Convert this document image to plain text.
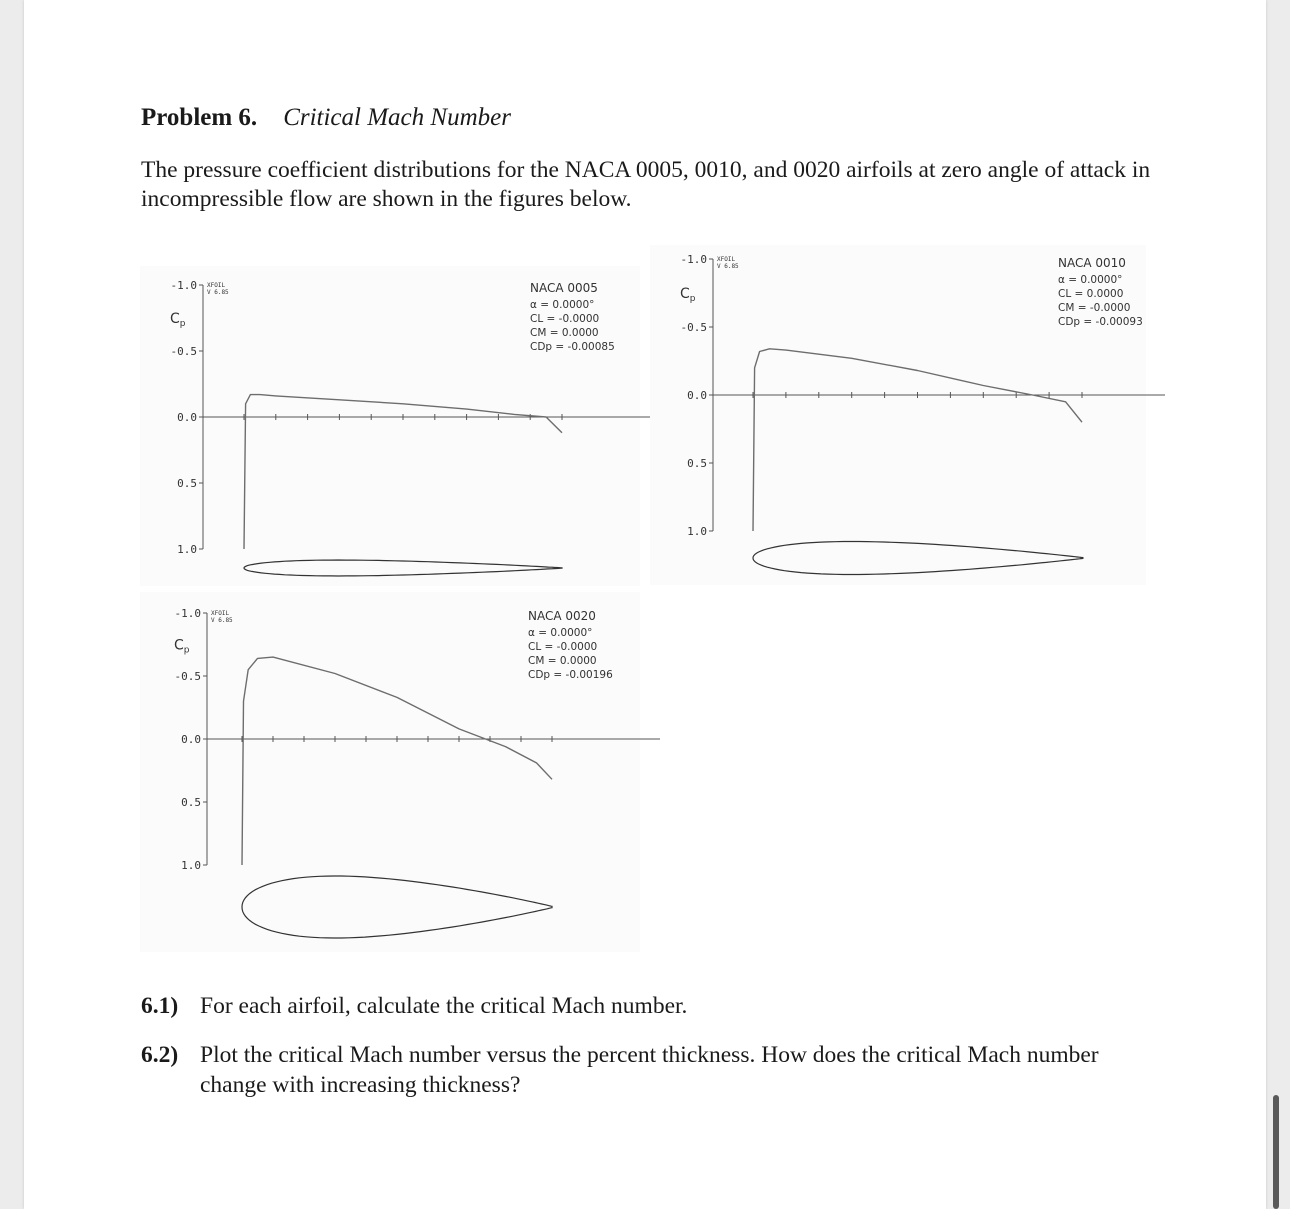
Problem 6. Critical Mach Number
The pressure coefficient distributions for the NACA 0005, 0010, and 0020 airfoils at zero angle of attack in incompressible flow are shown in the figures below.
-1.0
-0.5
0.0
0.5
1.0
XFOIL
V 6.85
$C_p$
NACA 0005
α = 0.0000°
CL = -0.0000
CM = 0.0000
CDp = -0.00085
-1.0
-0.5
0.0
0.5
1.0
XFOIL
V 6.85
$C_p$
NACA 0010
α = 0.0000°
CL = 0.0000
CM = -0.0000
CDp = -0.00093
-1.0
-0.5
0.0
0.5
1.0
XFOIL
V 6.85
$C_p$
NACA 0020
α = 0.0000°
CL = -0.0000
CM = 0.0000
CDp = -0.00196
6.1) For each airfoil, calculate the critical Mach number.
6.2) Plot the critical Mach number versus the percent thickness. How does the critical Mach number change with increasing thickness?
